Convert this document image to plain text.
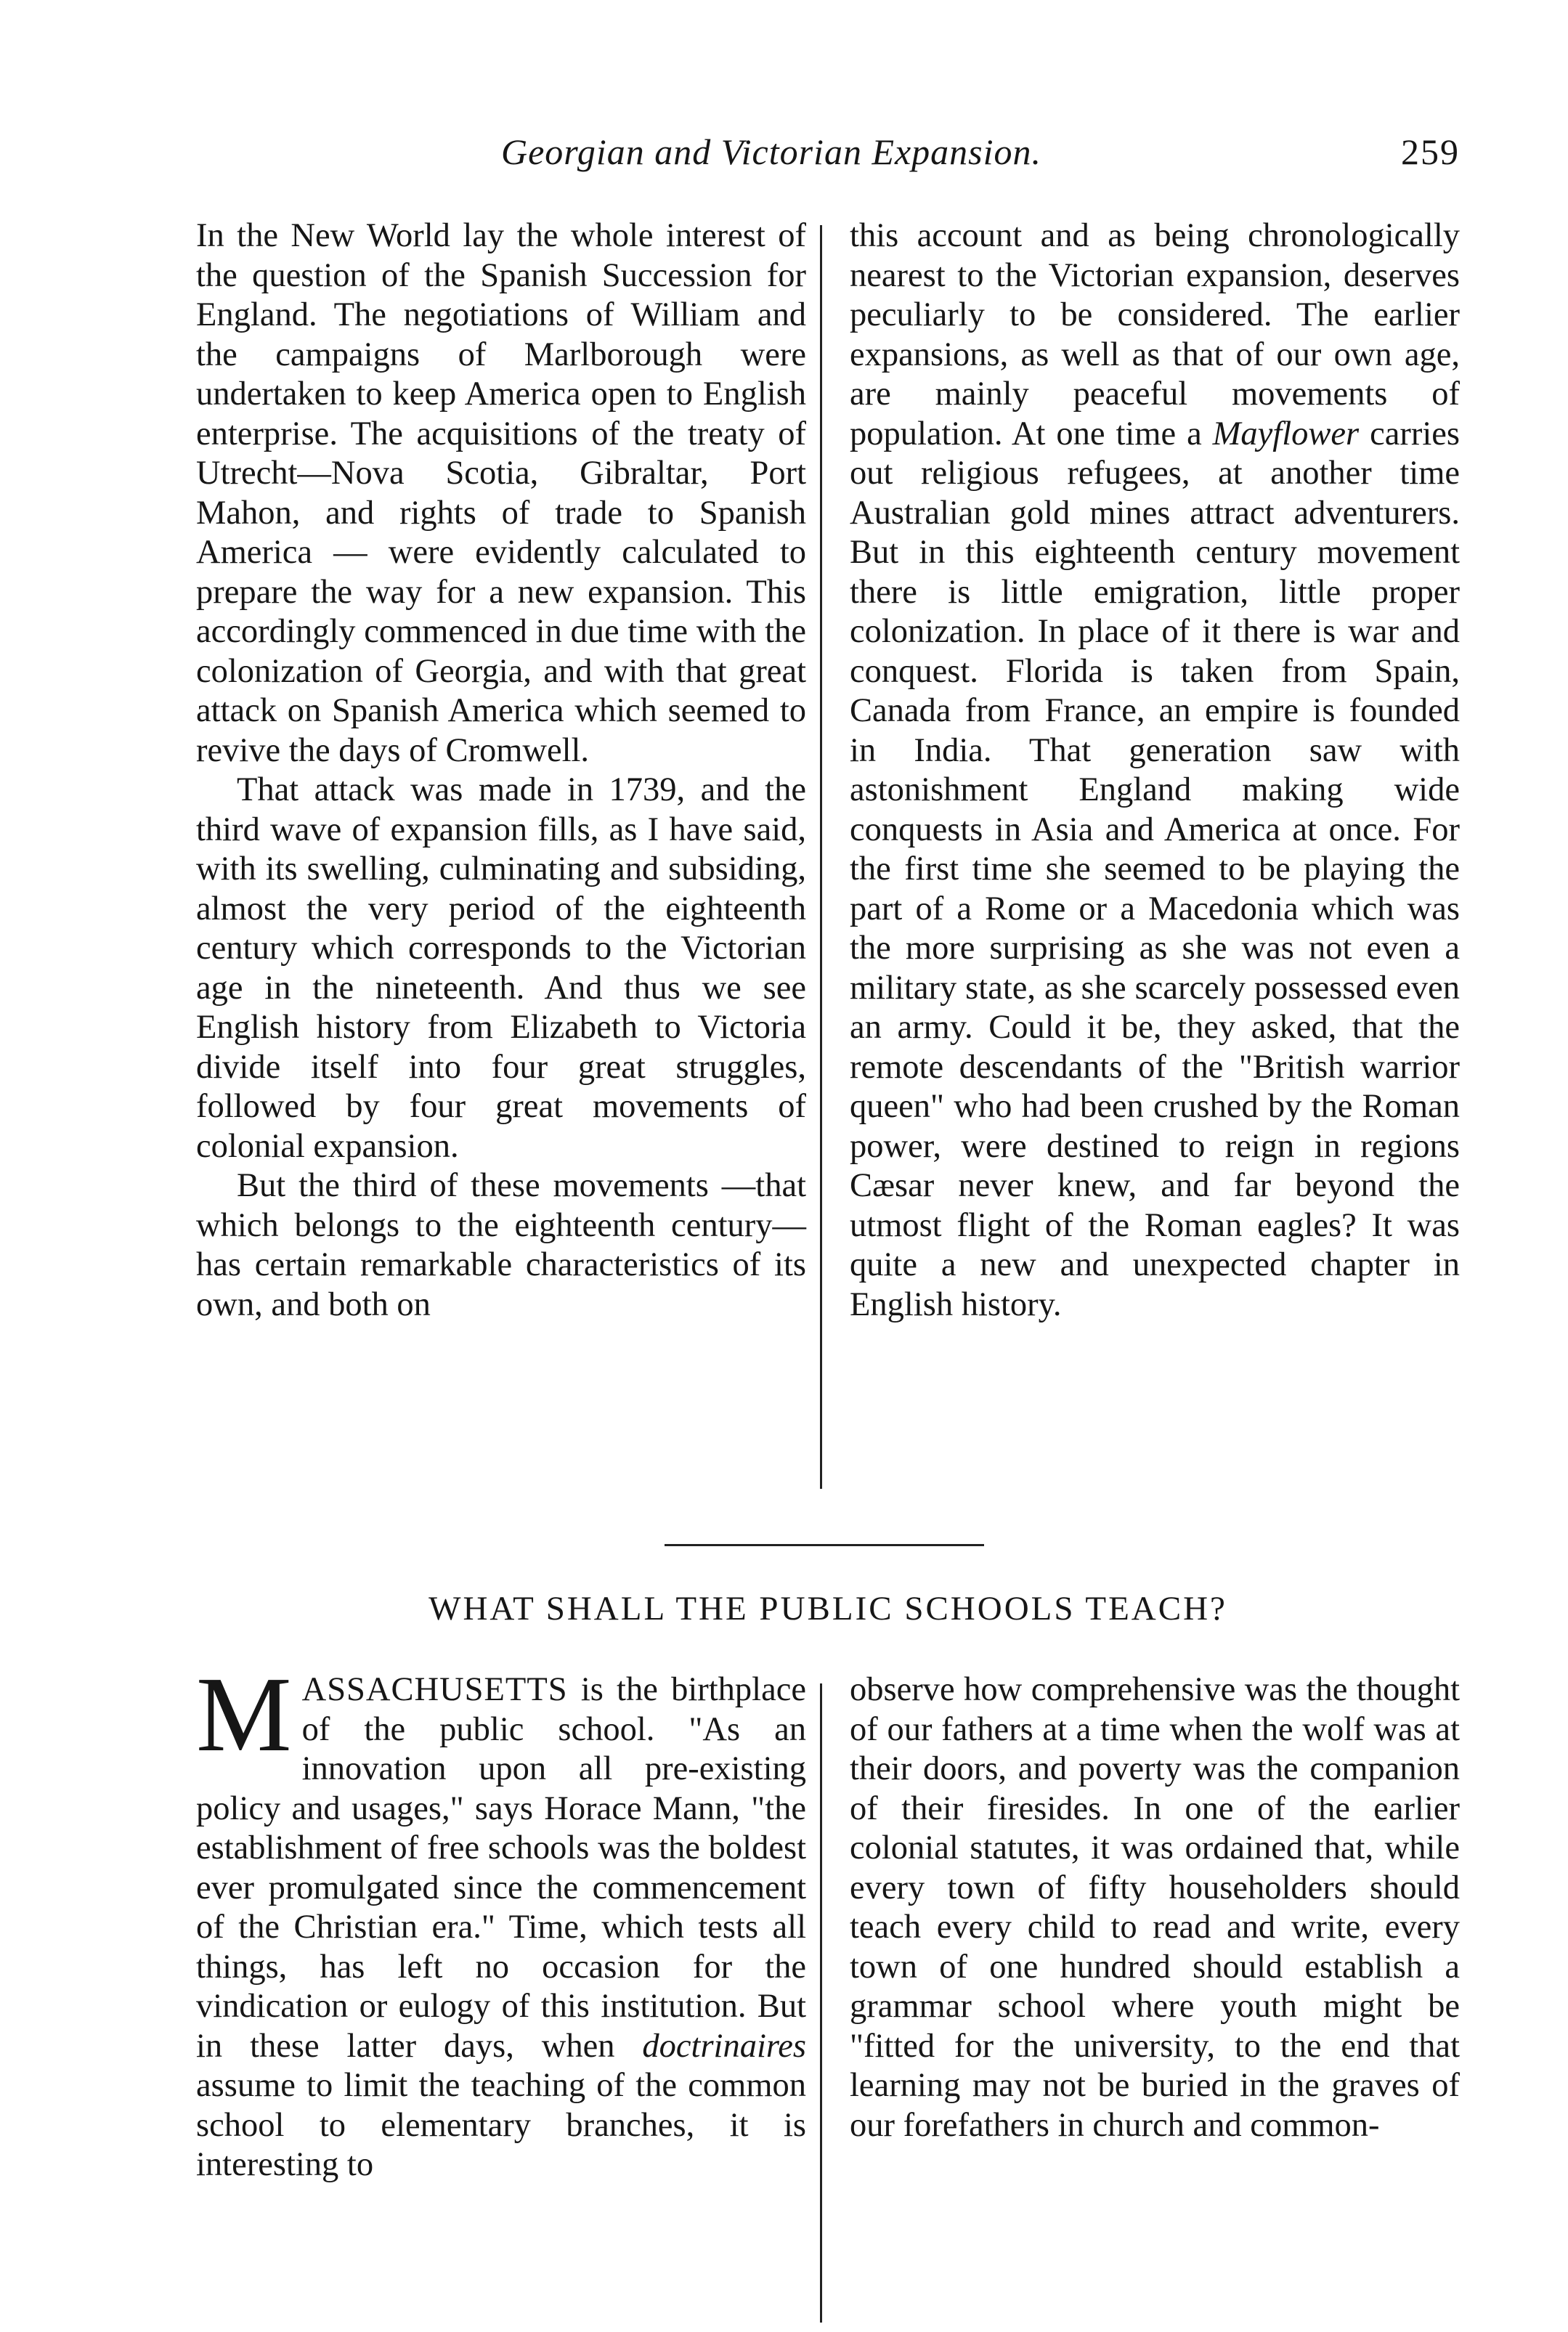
Georgian and Victorian Expansion.	259

In the New World lay the whole interest of the question of the Spanish Succession for England. The negotiations of William and the campaigns of Marlborough were undertaken to keep America open to English enterprise. The acquisitions of the treaty of Utrecht—Nova Scotia, Gibraltar, Port Mahon, and rights of trade to Spanish America — were evidently calculated to prepare the way for a new expansion. This accordingly commenced in due time with the colonization of Georgia, and with that great attack on Spanish America which seemed to revive the days of Cromwell.

That attack was made in 1739, and the third wave of expansion fills, as I have said, with its swelling, culminating and subsiding, almost the very period of the eighteenth century which corresponds to the Victorian age in the nineteenth. And thus we see English history from Elizabeth to Victoria divide itself into four great struggles, followed by four great movements of colonial expansion.

But the third of these movements —that which belongs to the eighteenth century—has certain remarkable characteristics of its own, and both on

this account and as being chronologically nearest to the Victorian expansion, deserves peculiarly to be considered. The earlier expansions, as well as that of our own age, are mainly peaceful movements of population. At one time a Mayflower carries out religious refugees, at another time Australian gold mines attract adventurers. But in this eighteenth century movement there is little emigration, little proper colonization. In place of it there is war and conquest. Florida is taken from Spain, Canada from France, an empire is founded in India. That generation saw with astonishment England making wide conquests in Asia and America at once. For the first time she seemed to be playing the part of a Rome or a Macedonia which was the more surprising as she was not even a military state, as she scarcely possessed even an army. Could it be, they asked, that the remote descendants of the "British warrior queen" who had been crushed by the Roman power, were destined to reign in regions Cæsar never knew, and far beyond the utmost flight of the Roman eagles? It was quite a new and unexpected chapter in English history.

WHAT SHALL THE PUBLIC SCHOOLS TEACH?

MASSACHUSETTS is the birthplace of the public school. "As an innovation upon all pre-existing policy and usages," says Horace Mann, "the establishment of free schools was the boldest ever promulgated since the commencement of the Christian era." Time, which tests all things, has left no occasion for the vindication or eulogy of this institution. But in these latter days, when doctrinaires assume to limit the teaching of the common school to elementary branches, it is interesting to

observe how comprehensive was the thought of our fathers at a time when the wolf was at their doors, and poverty was the companion of their firesides. In one of the earlier colonial statutes, it was ordained that, while every town of fifty householders should teach every child to read and write, every town of one hundred should establish a grammar school where youth might be "fitted for the university, to the end that learning may not be buried in the graves of our forefathers in church and common-
